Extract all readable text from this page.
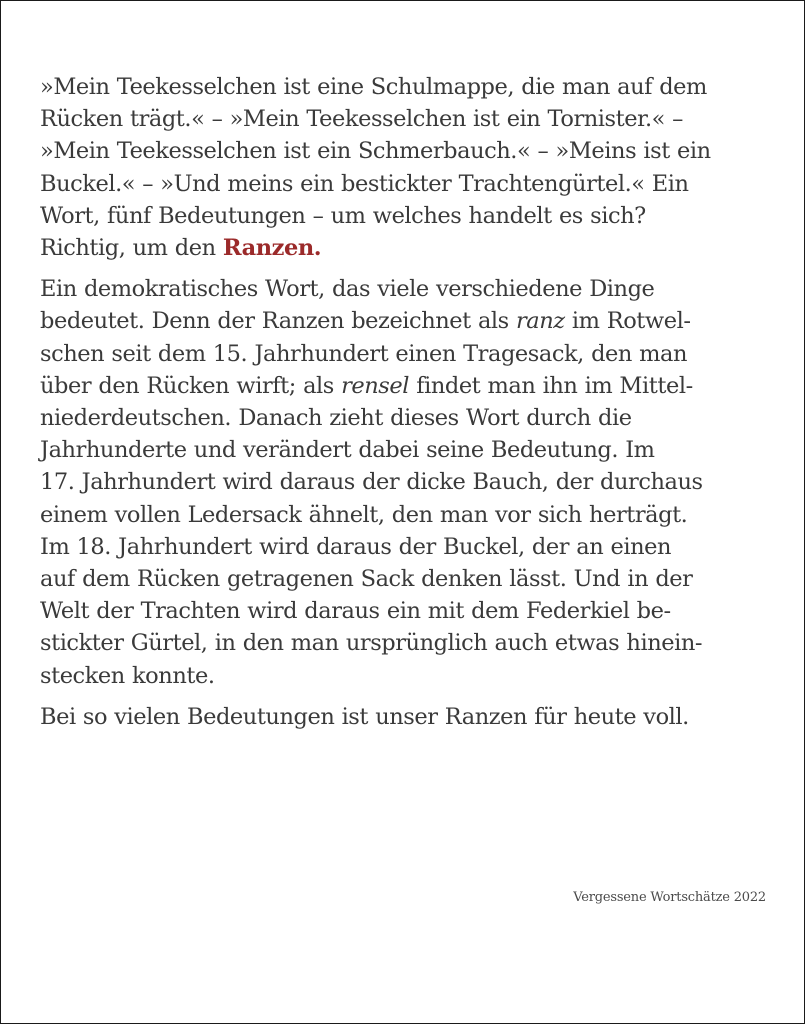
»Mein Teekesselchen ist eine Schulmappe, die man auf dem
Rücken trägt.« – »Mein Teekesselchen ist ein Tornister.« –
»Mein Teekesselchen ist ein Schmerbauch.« – »Meins ist ein
Buckel.« – »Und meins ein bestickter Trachtengürtel.« Ein
Wort, fünf Bedeutungen – um welches handelt es sich?
Richtig, um den Ranzen.

Ein demokratisches Wort, das viele verschiedene Dinge
bedeutet. Denn der Ranzen bezeichnet als ranz im Rotwel-
schen seit dem 15. Jahrhundert einen Tragesack, den man
über den Rücken wirft; als rensel findet man ihn im Mittel-
niederdeutschen. Danach zieht dieses Wort durch die
Jahrhunderte und verändert dabei seine Bedeutung. Im
17. Jahrhundert wird daraus der dicke Bauch, der durchaus
einem vollen Ledersack ähnelt, den man vor sich herträgt.
Im 18. Jahrhundert wird daraus der Buckel, der an einen
auf dem Rücken getragenen Sack denken lässt. Und in der
Welt der Trachten wird daraus ein mit dem Federkiel be-
stickter Gürtel, in den man ursprünglich auch etwas hinein-
stecken konnte.

Bei so vielen Bedeutungen ist unser Ranzen für heute voll.

Vergessene Wortschätze 2022
